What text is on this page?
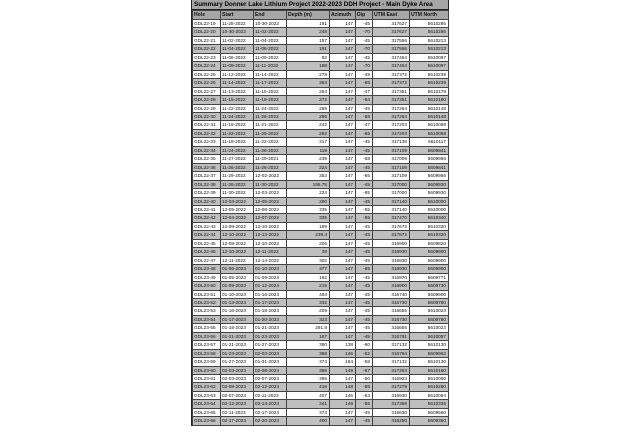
Summary Donner Lake Lithium Project 2022-2023 DDH Project - Main Dyke Area
Hole	Start	End	Depth (m)	Azimuth	Dip	UTM East	UTM North
GDL22-19	11-28-2022	10-30-2022	191	147	-45	317627	5610286
GDL22-20	10-30-2022	11-02-2022	248	147	-70	317627	5610286
GDL22-21	11-02-2022	11-04-2022	157	147	-45	317556	5610213
GDL22-22	11-04-2022	11-06-2022	191	147	-70	317556	5610213
GDL22-23	11-06-2022	11-09-2022	92	147	-45	317464	5610097
GDL22-24	11-09-2022	11-11-2022	188	147	-70	317464	5610097
GDL22-25	11-12-2022	11-14-2022	278	147	-49	317372	5610239
GDL22-26	11-14-2022	11-17-2022	353	147	-65	317372	5610239
GDL22-27	11-13-2022	11-15-2022	254	147	-47	317351	5610179
GDL22-28	11-15-2022	11-18-2022	272	147	-64	317351	5610180
GDL22-29	11-22-2022	11-24-2022	269	147	-45	317264	5610148
GDL22-30	11-24-2022	11-26-2022	296	147	-58	317264	5610148
GDL22-31	11-18-2022	11-21-2022	242	147	-47	317203	5610058
GDL22-32	11-22-2022	11-25-2022	282	147	-65	317203	5610058
GDL22-33	11-18-2022	11-22-2022	317	147	-45	317136	5610117
GDL22-34	11-24-2022	11-26-2022	119	147	-45	317109	5609841
GDL22-35	11-27-2022	11-29-2021	239	147	-58	317009	5609956
GDL22-36	11-26-2022	11-28-2022	224	147	-45	317109	5609841
GDL22-37	11-29-2022	12-02-2022	353	147	-65	317109	5609956
GDL22-38	11-28-2022	11-30-2022	195.75	147	-45	317000	5609930
GDL22-39	11-30-2022	12-03-2022	224	147	-65	317000	5609930
GDL22-40	12-03-2022	12-05-2022	290	147	-45	317140	5610000
GDL22-41	12-05-2022	12-08-2022	335	147	-55	317140	5610000
GDL22-42	12-04-2022	12-07-2022	335	147	-55	317470	5610340
GDL22-43	12-08-2022	12-10-2022	199	147	-45	317672	5610320
GDL22-44	12-10-2022	12-13-2022	239.4	147	-45	317672	5610320
GDL22-45	12-08-2022	12-10-2022	206	147	-45	316900	5609820
GDL22-46	12-10-2022	12-11-2022	38	147	-45	316930	5609900
GDL22-47	12-11-2022	12-14-2022	302	147	-45	316930	5609900
GDL23-48	01-06-2023	01-10-2023	377	147	-65	316930	5609900
GDL23-49	01-05-2023	01-09-2023	182	147	-45	316970	5609771
GDL23-50	01-09-2023	01-12-2023	215	147	-45	316900	5609730
GDL23-51	01-10-2023	01-16-2023	494	147	-45	316740	5609900
GDL23-52	01-13-2023	01-17-2023	332	147	-45	316730	5609780
GDL23-53	01-16-2023	01-18-2023	209	147	-45	316655	5610023
GDL23-54	01-17-2023	01-20-2023	323	147	-45	316730	5609780
GDL23-55	01-18-2023	01-21-2023	291.8	147	-45	316655	5610023
GDL23-56	01-21-2023	01-23-2023	167	147	-45	316791	5610057
GDL23-57	01-21-2023	01-27-2023	380	138	-60	317132	5610130
GDL23-58	01-23-2023	02-03-2023	398	146	-52	316794	5609962
GDL23-59	01-27-2023	01-31-2023	374	164	-58	317132	5610130
GDL23-60	02-03-2023	02-08-2023	356	149	-67	317263	5610160
GDL23-61	02-03-2023	02-07-2023	395	147	-50	316923	5610050
GDL23-62	02-08-2023	02-12-2023	416	148	-55	317279	5610280
GDL23-63	02-07-2023	02-11-2023	407	146	-53	316930	5610094
GDL23-64	02-12-2023	02-14-2023	341	146	-55	317369	5610336
GDL23-65	02-11-2023	02-17-2023	374	147	-45	316630	5609560
GDL23-66	02-17-2023	02-20-2023	400	147	-45	316250	5609360
